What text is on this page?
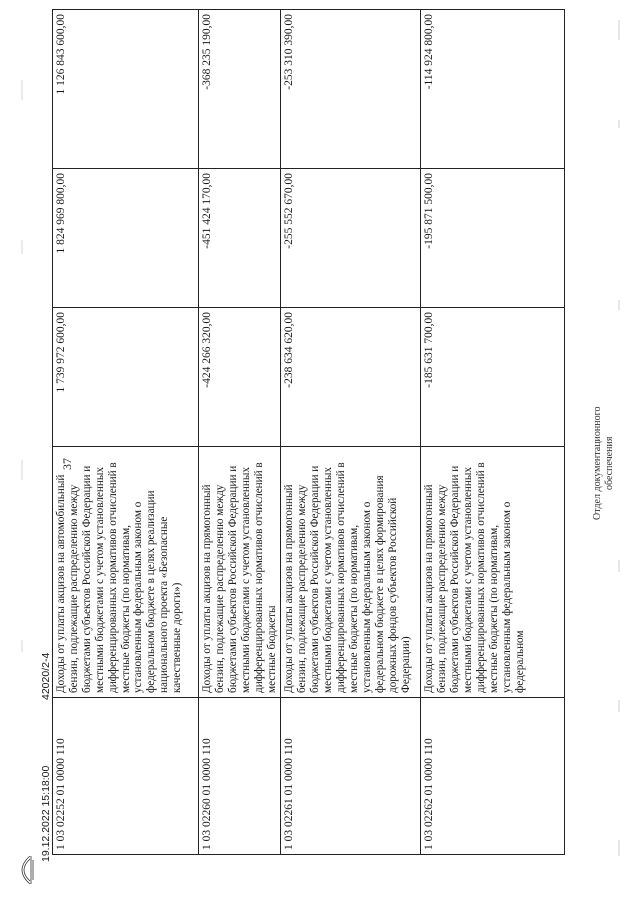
37
1 03 02252 01 0000 110	Доходы от уплаты акцизов на автомобильный бензин, подлежащие распределению между бюджетами субъектов Российской Федерации и местными бюджетами с учетом установленных дифференцированных нормативов отчислений в местные бюджеты (по нормативам, установленным федеральным законом о федеральном бюджете в целях реализации национального проекта «Безопасные качественные дороги»)	1 739 972 600,00	1 824 969 800,00	1 126 843 600,00
1 03 02260 01 0000 110	Доходы от уплаты акцизов на прямогонный бензин, подлежащие распределению между бюджетами субъектов Российской Федерации и местными бюджетами с учетом установленных дифференцированных нормативов отчислений в местные бюджеты	-424 266 320,00	-451 424 170,00	-368 235 190,00
1 03 02261 01 0000 110	Доходы от уплаты акцизов на прямогонный бензин, подлежащие распределению между бюджетами субъектов Российской Федерации и местными бюджетами с учетом установленных дифференцированных нормативов отчислений в местные бюджеты (по нормативам, установленным федеральным законом о федеральном бюджете в целях формирования дорожных фондов субъектов Российской Федерации)	-238 634 620,00	-255 552 670,00	-253 310 390,00
1 03 02262 01 0000 110	Доходы от уплаты акцизов на прямогонный бензин, подлежащие распределению между бюджетами субъектов Российской Федерации и местными бюджетами с учетом установленных дифференцированных нормативов отчислений в местные бюджеты (по нормативам, установленным федеральным законом о федеральном	-185 631 700,00	-195 871 500,00	-114 924 800,00
19.12.2022 15:18:00
42020/2-4
Отдел документационного обеспечения
